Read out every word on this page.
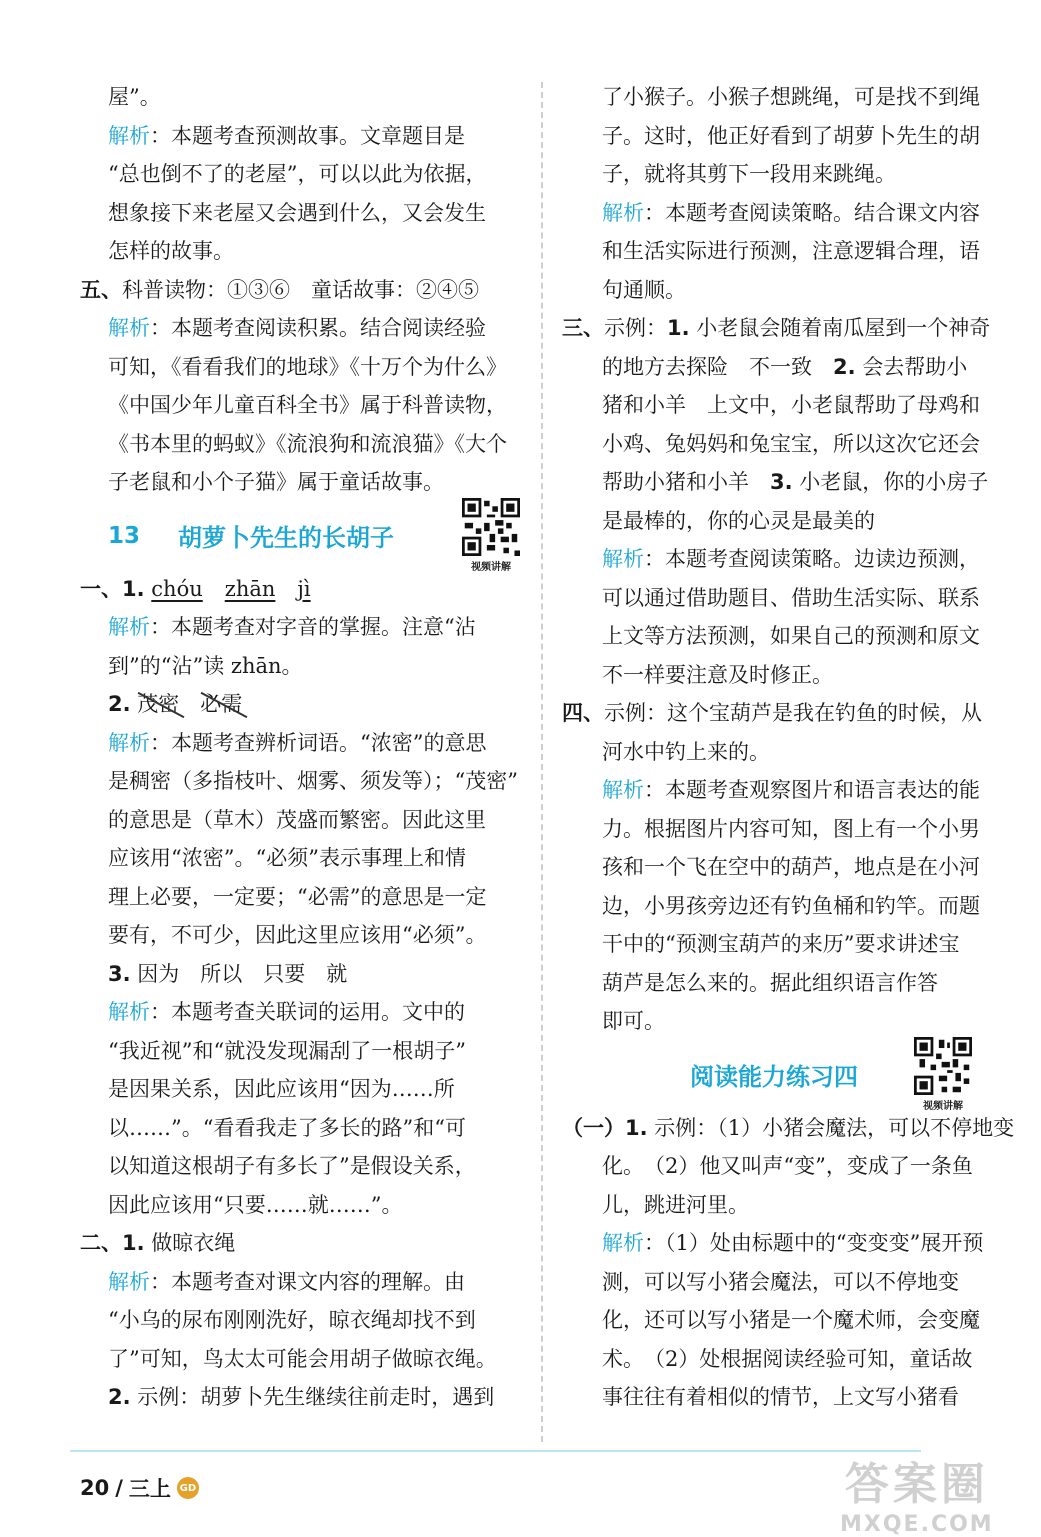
屋”。
解析：本题考查预测故事。文章题目是
“总也倒不了的老屋”，可以以此为依据，
想象接下来老屋又会遇到什么，又会发生
怎样的故事。
五、科普读物：①③⑥　童话故事：②④⑤
解析：本题考查阅读积累。结合阅读经验
可知，《看看我们的地球》《十万个为什么》
《中国少年儿童百科全书》属于科普读物，
《书本里的蚂蚁》《流浪狗和流浪猫》《大个
子老鼠和小个子猫》属于童话故事。
13	胡萝卜先生的长胡子
视频讲解
一、1. chóu zhān jì
解析：本题考查对字音的掌握。注意“沾
到”的“沾”读 zhān。
2. 茂密　 必需
解析：本题考查辨析词语。“浓密”的意思
是稠密（多指枝叶、烟雾、须发等）；“茂密”
的意思是（草木）茂盛而繁密。因此这里
应该用“浓密”。“必须”表示事理上和情
理上必要，一定要；“必需”的意思是一定
要有，不可少，因此这里应该用“必须”。
3. 因为　所以　只要　就
解析：本题考查关联词的运用。文中的
“我近视”和“就没发现漏刮了一根胡子”
是因果关系，因此应该用“因为……所
以……”。“看看我走了多长的路”和“可
以知道这根胡子有多长了”是假设关系，
因此应该用“只要……就……”。
二、1. 做晾衣绳
解析：本题考查对课文内容的理解。由
“小乌的尿布刚刚洗好，晾衣绳却找不到
了”可知，鸟太太可能会用胡子做晾衣绳。
2. 示例：胡萝卜先生继续往前走时，遇到
了小猴子。小猴子想跳绳，可是找不到绳
子。这时，他正好看到了胡萝卜先生的胡
子，就将其剪下一段用来跳绳。
解析：本题考查阅读策略。结合课文内容
和生活实际进行预测，注意逻辑合理，语
句通顺。
三、示例：1. 小老鼠会随着南瓜屋到一个神奇
的地方去探险　不一致　2. 会去帮助小
猪和小羊　上文中，小老鼠帮助了母鸡和
小鸡、兔妈妈和兔宝宝，所以这次它还会
帮助小猪和小羊　3. 小老鼠，你的小房子
是最棒的，你的心灵是最美的
解析：本题考查阅读策略。边读边预测，
可以通过借助题目、借助生活实际、联系
上文等方法预测，如果自己的预测和原文
不一样要注意及时修正。
四、示例：这个宝葫芦是我在钓鱼的时候，从
河水中钓上来的。
解析：本题考查观察图片和语言表达的能
力。根据图片内容可知，图上有一个小男
孩和一个飞在空中的葫芦，地点是在小河
边，小男孩旁边还有钓鱼桶和钓竿。而题
干中的“预测宝葫芦的来历”要求讲述宝
葫芦是怎么来的。据此组织语言作答
即可。
阅读能力练习四
视频讲解
（一）1. 示例：（1）小猪会魔法，可以不停地变
化。　（2）他又叫声“变”，变成了一条鱼
儿，跳进河里。
解析：（1）处由标题中的“变变变”展开预
测，可以写小猪会魔法，可以不停地变
化，还可以写小猪是一个魔术师，会变魔
术。　（2）处根据阅读经验可知，童话故
事往往有着相似的情节，上文写小猪看
20 / 三上 GD	答案圈
MXQE.COM
